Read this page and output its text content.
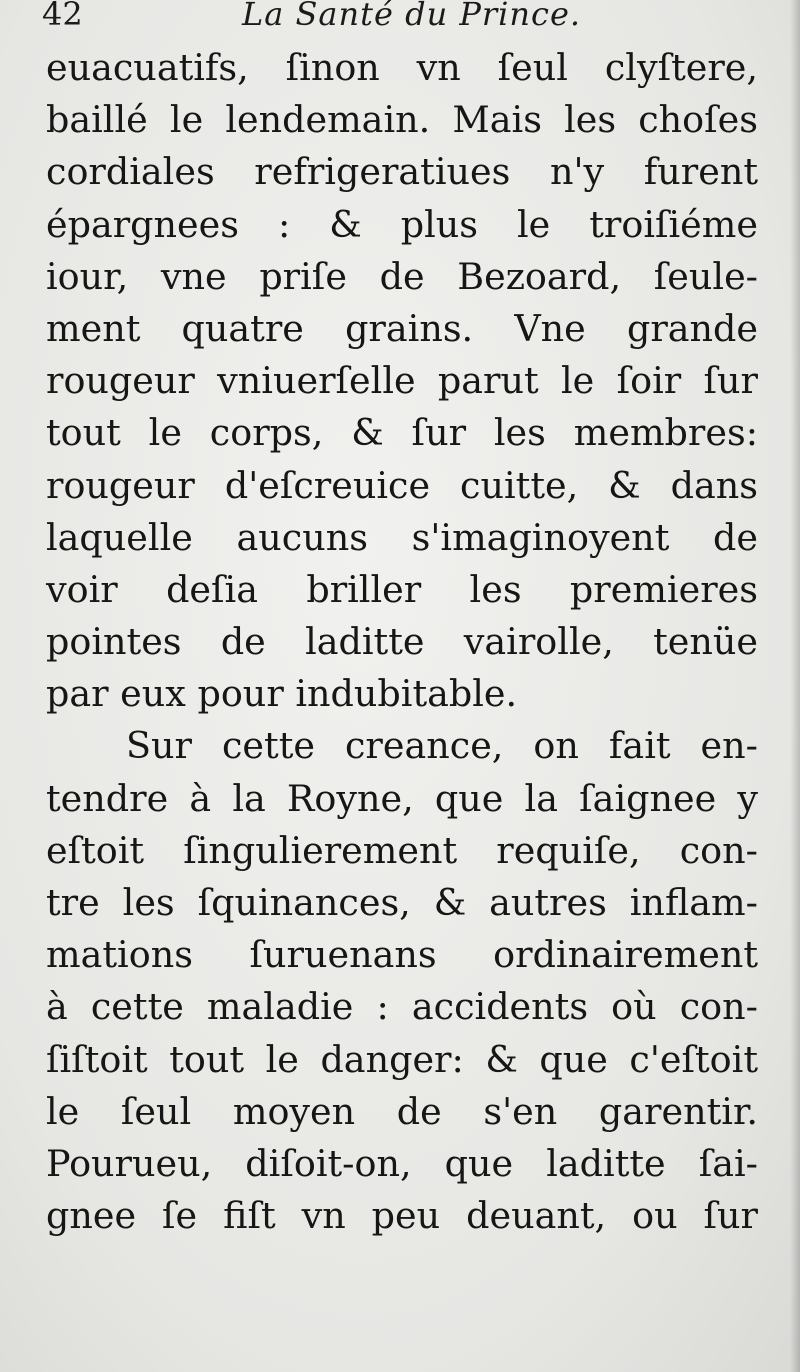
42	La Santé du Prince.
euacuatifs, ſinon vn ſeul clyſtere,
baillé le lendemain. Mais les choſes
cordiales refrigeratiues n'y furent
épargnees : & plus le troiſiéme
iour, vne priſe de Bezoard, ſeule-
ment quatre grains. Vne grande
rougeur vniuerſelle parut le ſoir ſur
tout le corps, & ſur les membres:
rougeur d'eſcreuice cuitte, & dans
laquelle aucuns s'imaginoyent de
voir deſia briller les premieres
pointes de laditte vairolle, tenüe
par eux pour indubitable.
Sur cette creance, on fait en-
tendre à la Royne, que la ſaignee y
eſtoit ſingulierement requiſe, con-
tre les ſquinances, & autres inflam-
mations ſuruenans ordinairement
à cette maladie : accidents où con-
ſiſtoit tout le danger: & que c'eſtoit
le ſeul moyen de s'en garentir.
Pourueu, diſoit-on, que laditte ſai-
gnee ſe fiſt vn peu deuant, ou ſur
